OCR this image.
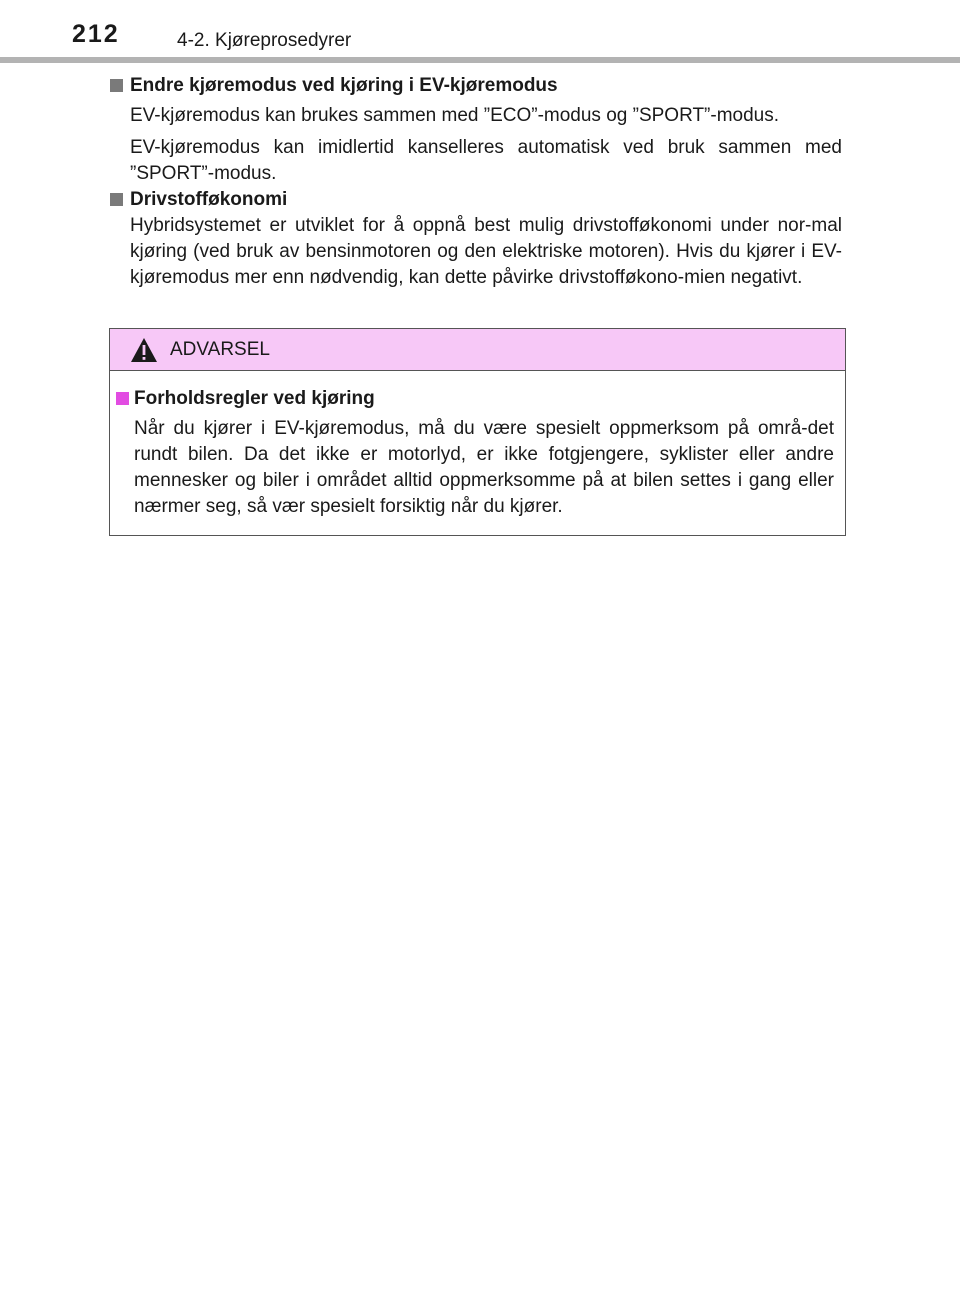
212	4-2. Kjøreprosedyrer
Endre kjøremodus ved kjøring i EV-kjøremodus

EV-kjøremodus kan brukes sammen med ”ECO”-modus og ”SPORT”-modus.

EV-kjøremodus kan imidlertid kanselleres automatisk ved bruk sammen med ”SPORT”-modus.

Drivstofføkonomi

Hybridsystemet er utviklet for å oppnå best mulig drivstofføkonomi under nor-mal kjøring (ved bruk av bensinmotoren og den elektriske motoren). Hvis du kjører i EV-kjøremodus mer enn nødvendig, kan dette påvirke drivstofføkono-mien negativt.

ADVARSEL
Forholdsregler ved kjøring

Når du kjører i EV-kjøremodus, må du være spesielt oppmerksom på områ-det rundt bilen. Da det ikke er motorlyd, er ikke fotgjengere, syklister eller andre mennesker og biler i området alltid oppmerksomme på at bilen settes i gang eller nærmer seg, så vær spesielt forsiktig når du kjører.
